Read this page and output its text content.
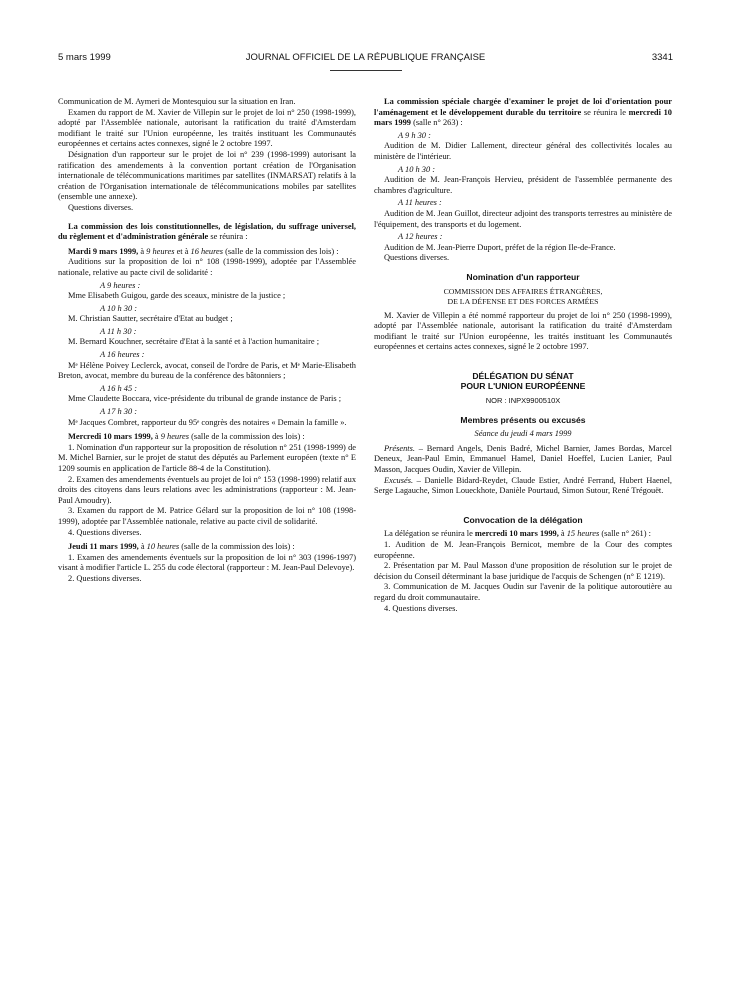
5 mars 1999	JOURNAL OFFICIEL DE LA RÉPUBLIQUE FRANÇAISE	3341

Communication de M. Aymeri de Montesquiou sur la situation en Iran.

Examen du rapport de M. Xavier de Villepin sur le projet de loi n° 250 (1998-1999), adopté par l'Assemblée nationale, autorisant la ratification du traité d'Amsterdam modifiant le traité sur l'Union européenne, les traités instituant les Communautés européennes et certains actes connexes, signé le 2 octobre 1997.

Désignation d'un rapporteur sur le projet de loi n° 239 (1998-1999) autorisant la ratification des amendements à la convention portant création de l'Organisation internationale de télécommunications maritimes par satellites (INMARSAT) relatifs à la création de l'Organisation internationale de télécommunications mobiles par satellites (ensemble une annexe).

Questions diverses.

La commission des lois constitutionnelles, de législation, du suffrage universel, du règlement et d'administration générale se réunira :

Mardi 9 mars 1999, à 9 heures et à 16 heures (salle de la commission des lois) :

Auditions sur la proposition de loi n° 108 (1998-1999), adoptée par l'Assemblée nationale, relative au pacte civil de solidarité :

A 9 heures :

Mme Elisabeth Guigou, garde des sceaux, ministre de la justice ;

A 10 h 30 :

M. Christian Sautter, secrétaire d'Etat au budget ;

A 11 h 30 :

M. Bernard Kouchner, secrétaire d'Etat à la santé et à l'action humanitaire ;

A 16 heures :

Mᵉ Hélène Poivey Leclerck, avocat, conseil de l'ordre de Paris, et Mᵉ Marie-Elisabeth Breton, avocat, membre du bureau de la conférence des bâtonniers ;

A 16 h 45 :

Mme Claudette Boccara, vice-présidente du tribunal de grande instance de Paris ;

A 17 h 30 :

Mᵉ Jacques Combret, rapporteur du 95ᵉ congrès des notaires « Demain la famille ».

Mercredi 10 mars 1999, à 9 heures (salle de la commission des lois) :

1. Nomination d'un rapporteur sur la proposition de résolution n° 251 (1998-1999) de M. Michel Barnier, sur le projet de statut des députés au Parlement européen (texte n° E 1209 soumis en application de l'article 88-4 de la Constitution).

2. Examen des amendements éventuels au projet de loi n° 153 (1998-1999) relatif aux droits des citoyens dans leurs relations avec les administrations (rapporteur : M. Jean-Paul Amoudry).

3. Examen du rapport de M. Patrice Gélard sur la proposition de loi n° 108 (1998-1999), adoptée par l'Assemblée nationale, relative au pacte civil de solidarité.

4. Questions diverses.

Jeudi 11 mars 1999, à 10 heures (salle de la commission des lois) :

1. Examen des amendements éventuels sur la proposition de loi n° 303 (1996-1997) visant à modifier l'article L. 255 du code électoral (rapporteur : M. Jean-Paul Delevoye).

2. Questions diverses.

La commission spéciale chargée d'examiner le projet de loi d'orientation pour l'aménagement et le développement durable du territoire se réunira le mercredi 10 mars 1999 (salle n° 263) :

A 9 h 30 :

Audition de M. Didier Lallement, directeur général des collectivités locales au ministère de l'intérieur.

A 10 h 30 :

Audition de M. Jean-François Hervieu, président de l'assemblée permanente des chambres d'agriculture.

A 11 heures :

Audition de M. Jean Guillot, directeur adjoint des transports terrestres au ministère de l'équipement, des transports et du logement.

A 12 heures :

Audition de M. Jean-Pierre Duport, préfet de la région Ile-de-France.

Questions diverses.

Nomination d'un rapporteur

COMMISSION DES AFFAIRES ÉTRANGÈRES,

DE LA DÉFENSE ET DES FORCES ARMÉES

M. Xavier de Villepin a été nommé rapporteur du projet de loi n° 250 (1998-1999), adopté par l'Assemblée nationale, autorisant la ratification du traité d'Amsterdam modifiant le traité sur l'Union européenne, les traités instituant les Communautés européennes et certains actes connexes, signé le 2 octobre 1997.

DÉLÉGATION DU SÉNAT

POUR L'UNION EUROPÉENNE

NOR : INPX9900510X

Membres présents ou excusés

Séance du jeudi 4 mars 1999

Présents. – Bernard Angels, Denis Badré, Michel Barnier, James Bordas, Marcel Deneux, Jean-Paul Emin, Emmanuel Hamel, Daniel Hoeffel, Lucien Lanier, Paul Masson, Jacques Oudin, Xavier de Villepin.

Excusés. – Danielle Bidard-Reydet, Claude Estier, André Ferrand, Hubert Haenel, Serge Lagauche, Simon Loueckhote, Danièle Pourtaud, Simon Sutour, René Trégouët.

Convocation de la délégation

La délégation se réunira le mercredi 10 mars 1999, à 15 heures (salle n° 261) :

1. Audition de M. Jean-François Bernicot, membre de la Cour des comptes européenne.

2. Présentation par M. Paul Masson d'une proposition de résolution sur le projet de décision du Conseil déterminant la base juridique de l'acquis de Schengen (n° E 1219).

3. Communication de M. Jacques Oudin sur l'avenir de la politique autoroutière au regard du droit communautaire.

4. Questions diverses.
